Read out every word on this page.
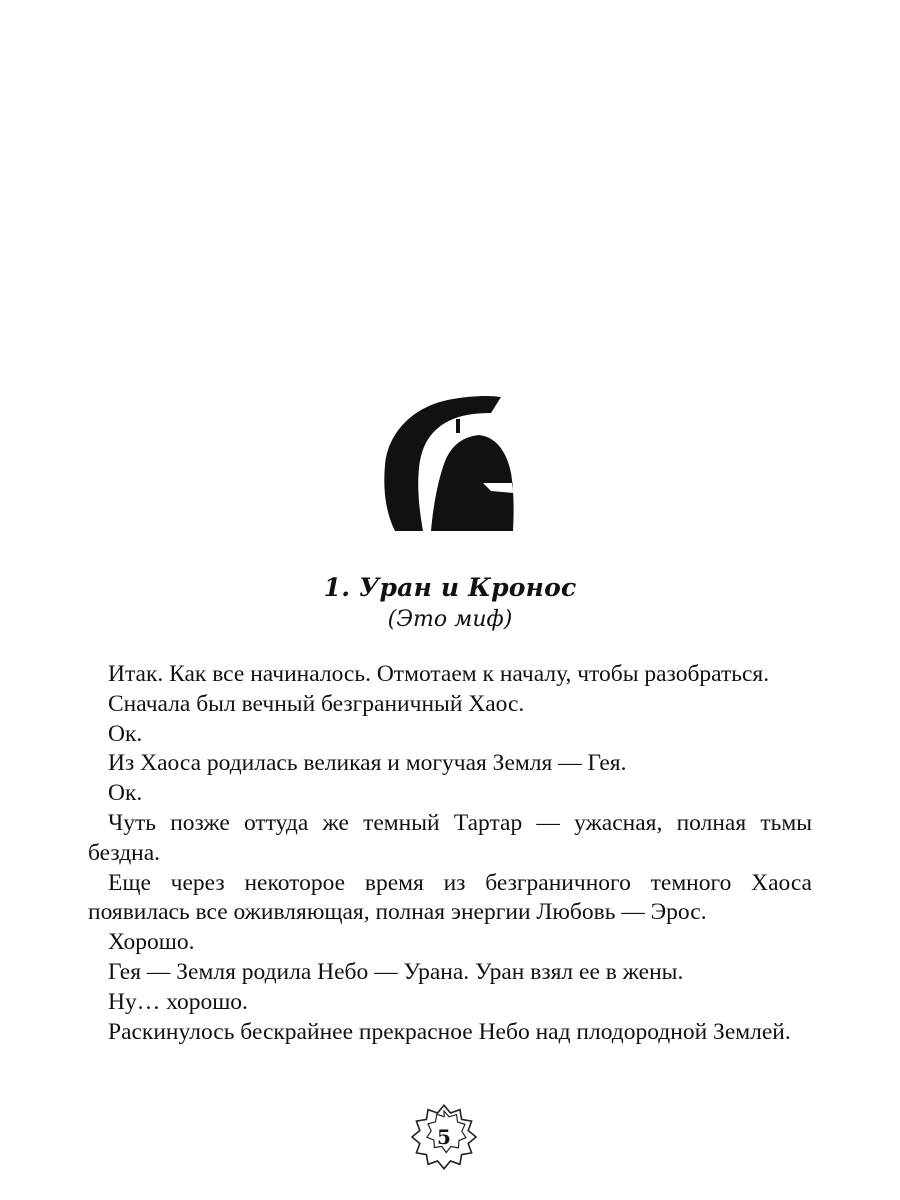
1. Уран и Кронос
(Это миф)

Итак. Как все начиналось. Отмотаем к началу, чтобы разобраться.

Сначала был вечный безграничный Хаос.

Ок.

Из Хаоса родилась великая и могучая Земля — Гея.

Ок.

Чуть позже оттуда же темный Тартар — ужасная, полная тьмы бездна.

Еще через некоторое время из безграничного темного Хаоса появилась все оживляющая, полная энергии Любовь — Эрос.

Хорошо.

Гея — Земля родила Небо — Урана. Уран взял ее в жены.

Ну… хорошо.

Раскинулось бескрайнее прекрасное Небо над плодородной Землей.

5
